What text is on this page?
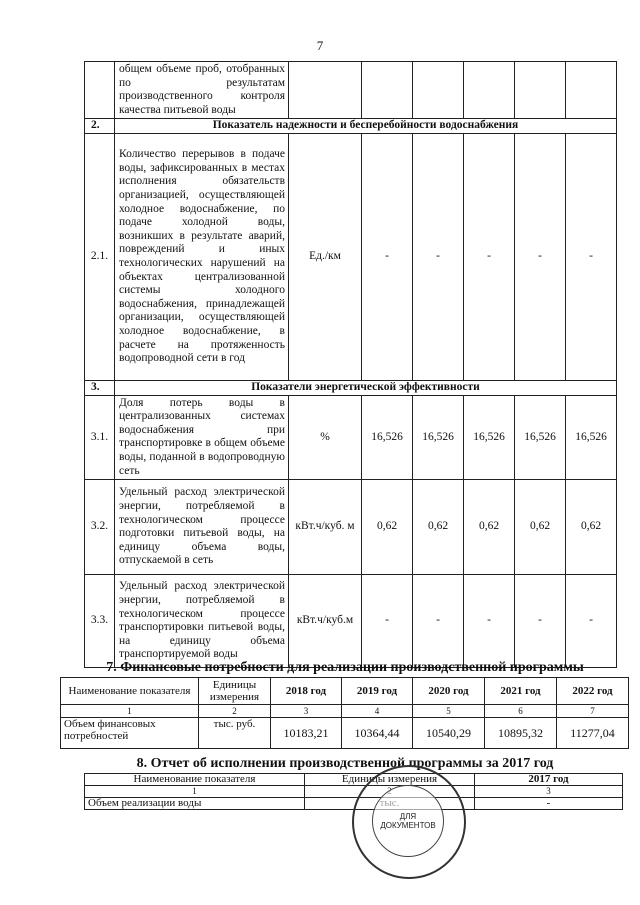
7
	общем объеме проб, отобранных по результатам производственного контроля качества питьевой воды						
2.	Показатель надежности и бесперебойности водоснабжения						
2.1.	Количество перерывов в подаче воды, зафиксированных в местах исполнения обязательств организацией, осуществляющей холодное водоснабжение, по подаче холодной воды, возникших в результате аварий, повреждений и иных технологических нарушений на объектах централизованной системы холодного водоснабжения, принадлежащей организации, осуществляющей холодное водоснабжение, в расчете на протяженность водопроводной сети в год	Ед./км	-	-	-	-	-
3.	Показатели энергетической эффективности						
3.1.	Доля потерь воды в централизованных системах водоснабжения при транспортировке в общем объеме воды, поданной в водопроводную сеть	%	16,526	16,526	16,526	16,526	16,526
3.2.	Удельный расход электрической энергии, потребляемой в технологическом процессе подготовки питьевой воды, на единицу объема воды, отпускаемой в сеть	кВт.ч/куб. м	0,62	0,62	0,62	0,62	0,62
3.3.	Удельный расход электрической энергии, потребляемой в технологическом процессе транспортировки питьевой воды, на единицу объема транспортируемой воды	кВт.ч/куб.м	-	-	-	-	-
7. Финансовые потребности для реализации производственной программы
Наименование показателя	Единицы измерения	2018 год	2019 год	2020 год	2021 год	2022 год
1	2	3	4	5	6	7
Объем финансовых потребностей	тыс. руб.	10183,21	10364,44	10540,29	10895,32	11277,04
8. Отчет об исполнении производственной программы за 2017 год
Наименование показателя	Единицы измерения	2017 год
1		3
Объем реализации воды		-
ДЛЯ
ДОКУМЕНТОВ
